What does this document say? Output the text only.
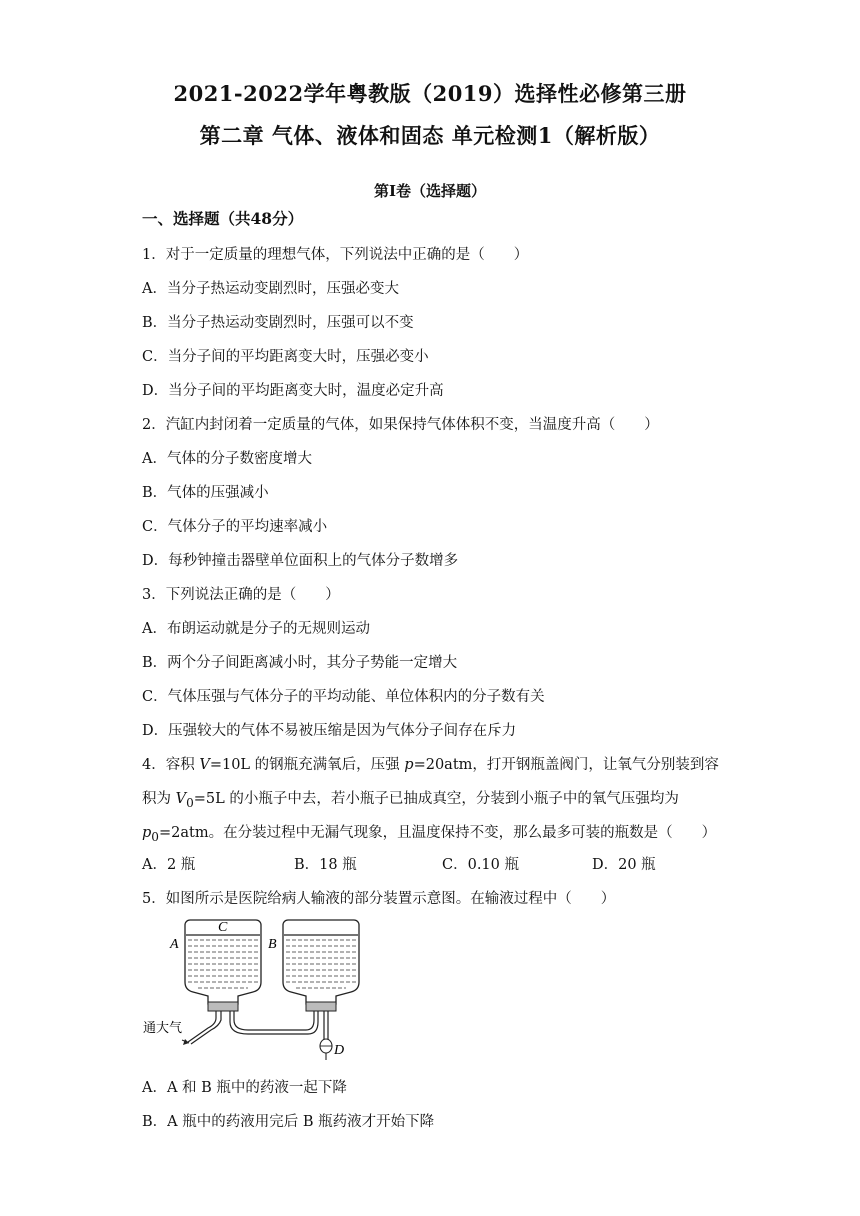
2021-2022学年粤教版（2019）选择性必修第三册
第二章 气体、液体和固态 单元检测1（解析版）
第Ⅰ卷（选择题）
一、选择题（共48分）
1．对于一定质量的理想气体，下列说法中正确的是（　　）
A．当分子热运动变剧烈时，压强必变大
B．当分子热运动变剧烈时，压强可以不变
C．当分子间的平均距离变大时，压强必变小
D．当分子间的平均距离变大时，温度必定升高
2．汽缸内封闭着一定质量的气体，如果保持气体体积不变，当温度升高（　　）
A．气体的分子数密度增大
B．气体的压强减小
C．气体分子的平均速率减小
D．每秒钟撞击器壁单位面积上的气体分子数增多
3．下列说法正确的是（　　）
A．布朗运动就是分子的无规则运动
B．两个分子间距离减小时，其分子势能一定增大
C．气体压强与气体分子的平均动能、单位体积内的分子数有关
D．压强较大的气体不易被压缩是因为气体分子间存在斥力
4．容积 V=10L 的钢瓶充满氧后，压强 p=20atm，打开钢瓶盖阀门，让氧气分别装到容
积为 $V_0=5L$ 的小瓶子中去，若小瓶子已抽成真空，分装到小瓶子中的氧气压强均为
$p_0=2atm$。在分装过程中无漏气现象，且温度保持不变，那么最多可装的瓶数是（　　）
A．2 瓶	B．18 瓶	C．0.10 瓶	D．20 瓶
5．如图所示是医院给病人输液的部分装置示意图。在输液过程中（　　）
C
A	B
D
通大气
A．A 和 B 瓶中的药液一起下降
B．A 瓶中的药液用完后 B 瓶药液才开始下降
